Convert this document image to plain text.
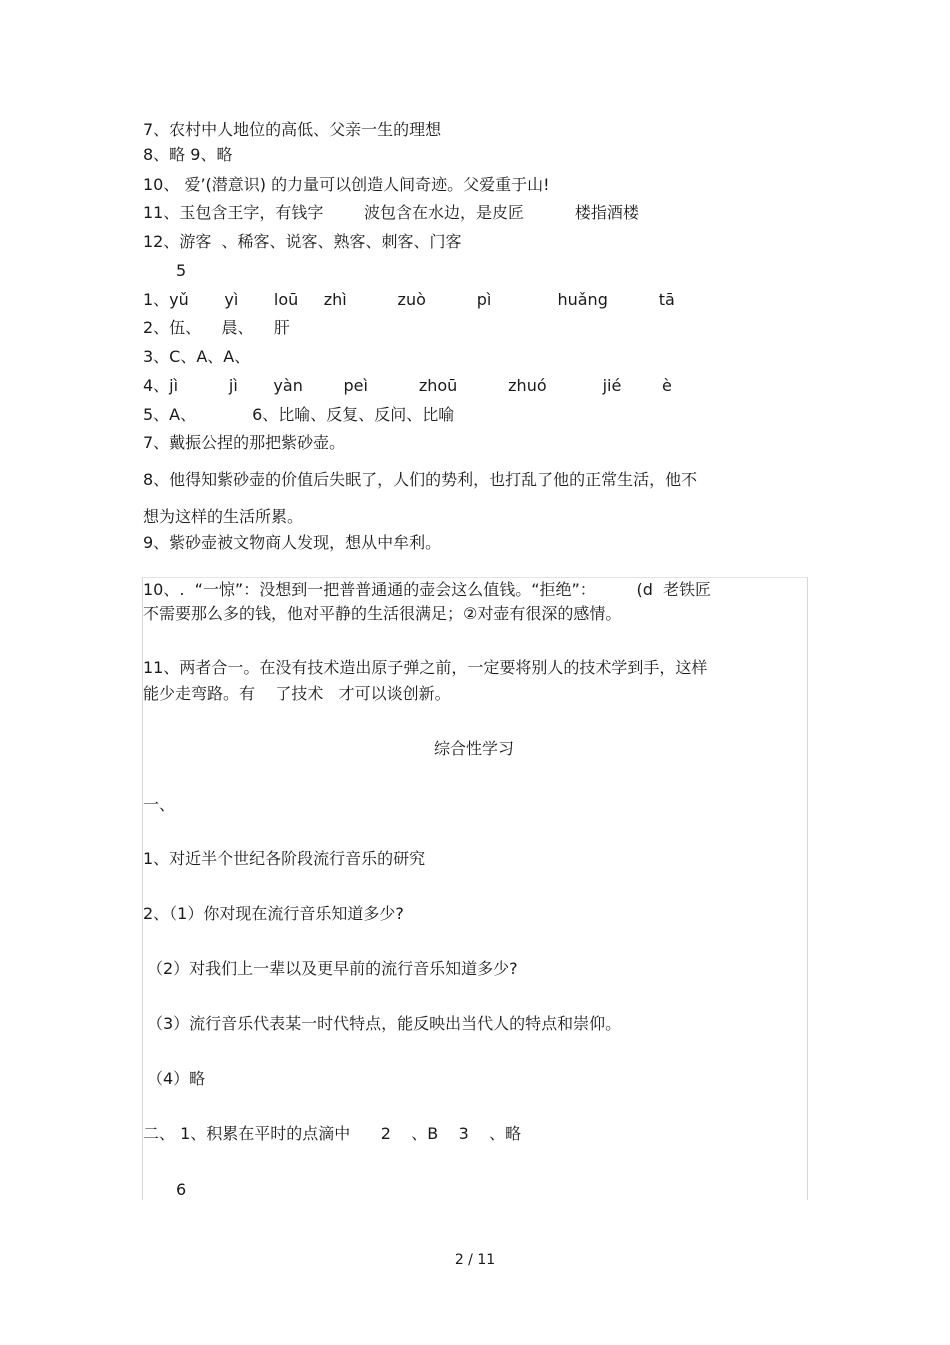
7、农村中人地位的高低、父亲一生的理想
8、略 9、略
10、 爱’(潜意识) 的力量可以创造人间奇迹。父爱重于山!
11、玉包含王字，有钱字        波包含在水边，是皮匠          楼指酒楼
12、游客  、稀客、说客、熟客、刺客、门客
5
1、yǔ       yì       loū     zhì          zuò          pì             huǎng          tā
2、伍、    晨、    肝
3、C、A、A、
4、jì          jì       yàn        peì          zhoū          zhuó           jié        è
5、A、           6、比喻、反复、反问、比喻
7、戴振公捏的那把紫砂壶。
8、他得知紫砂壶的价值后失眠了，人们的势利，也打乱了他的正常生活，他不
想为这样的生活所累。
9、紫砂壶被文物商人发现，想从中牟利。
10、.  “一惊”：没想到一把普普通通的壶会这么值钱。“拒绝”：        (d  老铁匠
不需要那么多的钱，他对平静的生活很满足；②对壶有很深的感情。
11、两者合一。在没有技术造出原子弹之前，一定要将别人的技术学到手，这样
能少走弯路。有    了技术   才可以谈创新。
综合性学习
一、
1、对近半个世纪各阶段流行音乐的研究
2、（1）你对现在流行音乐知道多少?
（2）对我们上一辈以及更早前的流行音乐知道多少?
（3）流行音乐代表某一时代特点，能反映出当代人的特点和崇仰。
（4）略
二、 1、积累在平时的点滴中      2    、B    3    、略
6
2 / 11
